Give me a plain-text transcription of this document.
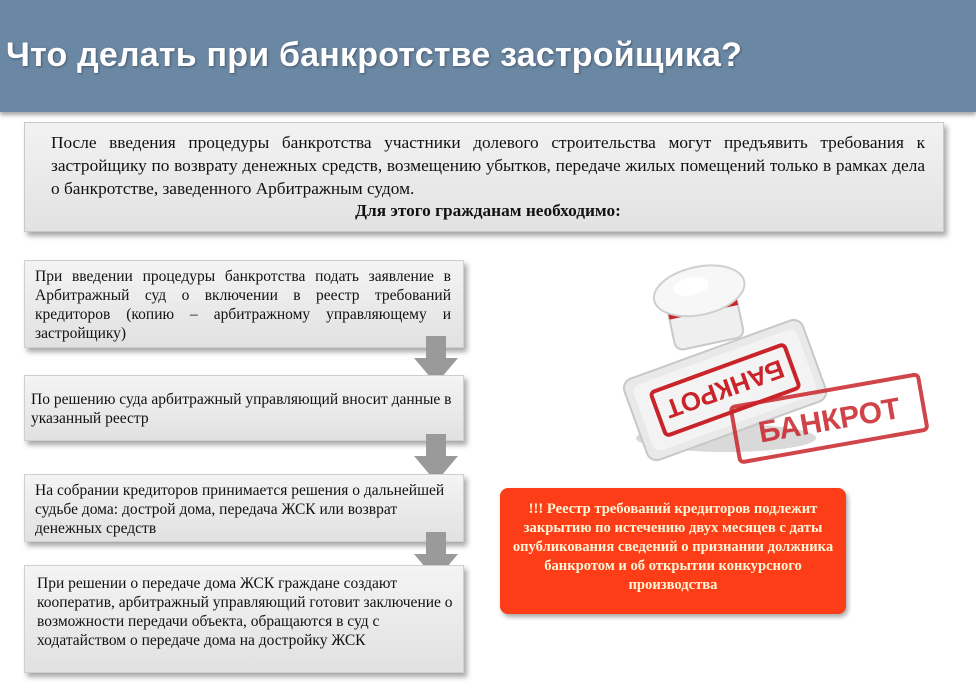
Что делать при банкротстве застройщика?

После введения процедуры банкротства участники долевого строительства могут предъявить требования к застройщику по возврату денежных средств, возмещению убытков, передаче жилых помещений только в рамках дела о банкротстве, заведенного Арбитражным судом.

Для этого гражданам необходимо:

При введении процедуры банкротства подать заявление в Арбитражный суд о включении в реестр требований кредиторов (копию – арбитражному управляющему и застройщику)
По решению суда арбитражный управляющий вносит данные в указанный реестр
На собрании кредиторов принимается решения о дальнейшей судьбе дома: дострой дома, передача ЖСК или возврат денежных средств
При решении о передаче дома ЖСК граждане создают кооператив, арбитражный управляющий готовит заключение о возможности передачи объекта, обращаются в суд с ходатайством о передаче дома на достройку ЖСК
БАНКРОТ
БАНКРОТ
!!! Реестр требований кредиторов подлежит закрытию по истечению двух месяцев с даты опубликования сведений о признании должника банкротом и об открытии конкурсного производства
